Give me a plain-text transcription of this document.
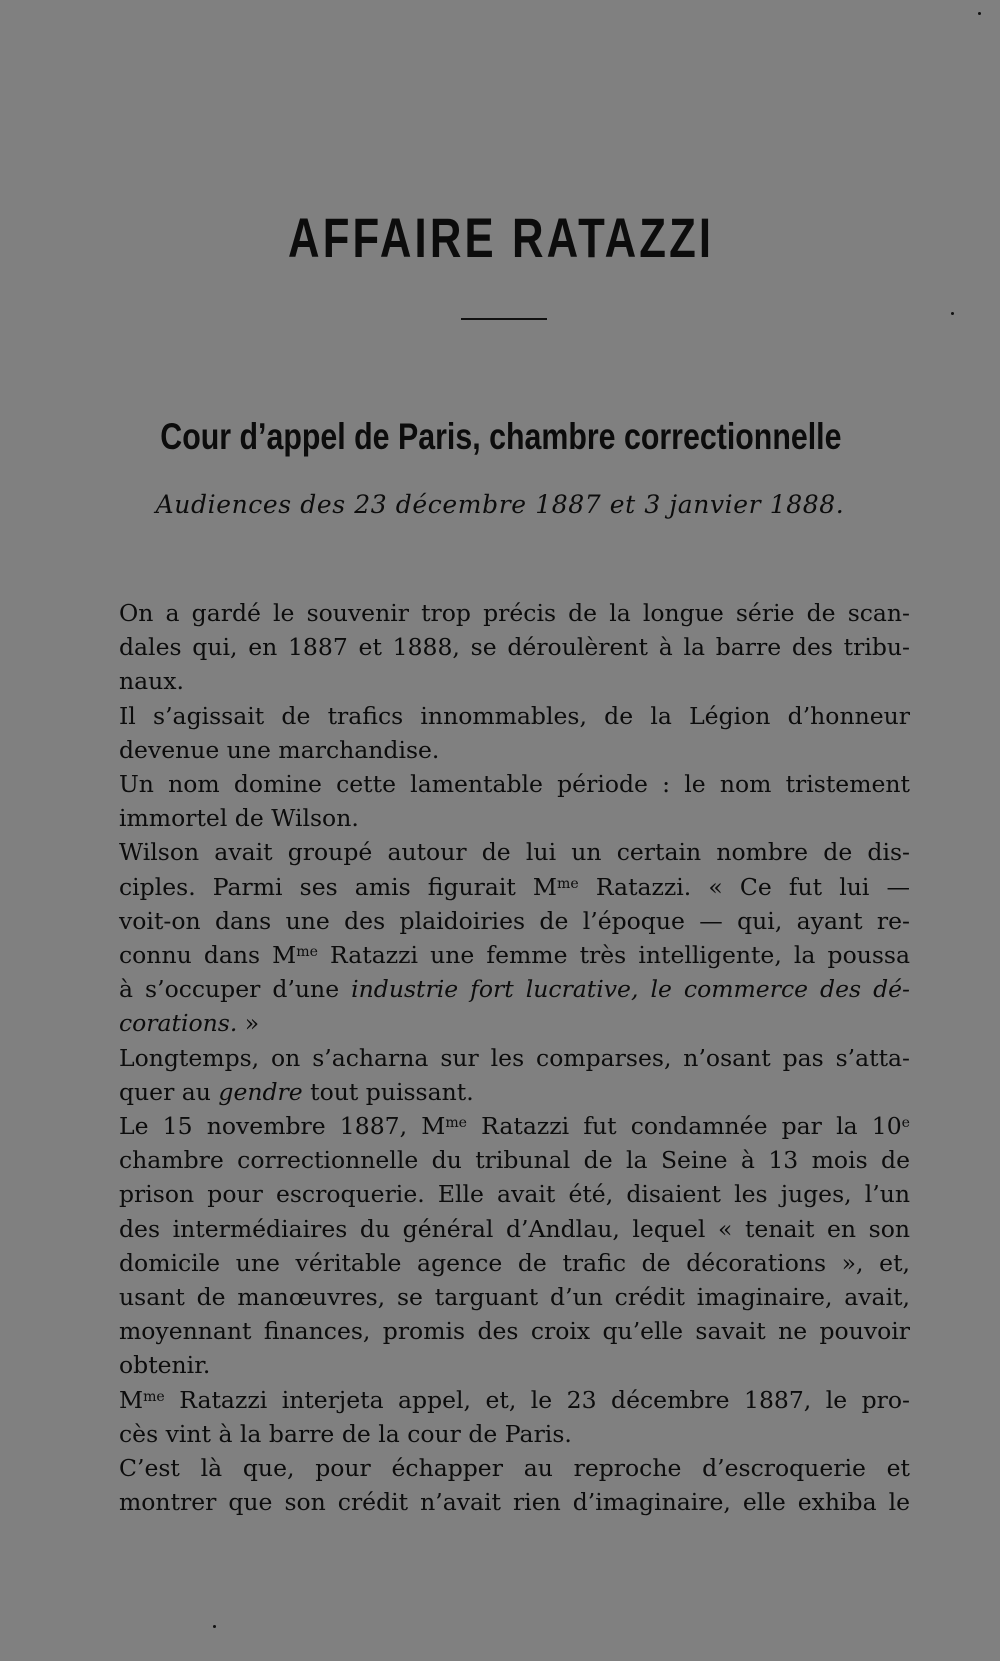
AFFAIRE RATAZZI
Cour d’appel de Paris, chambre correctionnelle
Audiences des 23 décembre 1887 et 3 janvier 1888.

On a gardé le souvenir trop précis de la longue série de scan-
dales qui, en 1887 et 1888, se déroulèrent à la barre des tribu-
naux.

Il s’agissait de trafics innommables, de la Légion d’honneur
devenue une marchandise.

Un nom domine cette lamentable période : le nom tristement
immortel de Wilson.

Wilson avait groupé autour de lui un certain nombre de dis-
ciples. Parmi ses amis figurait $M^{me}$ Ratazzi. « Ce fut lui —
voit-on dans une des plaidoiries de l’époque — qui, ayant re-
connu dans $M^{me}$ Ratazzi une femme très intelligente, la poussa
à s’occuper d’une industrie fort lucrative, le commerce des dé-
corations. »

Longtemps, on s’acharna sur les comparses, n’osant pas s’atta-
quer au gendre tout puissant.

Le 15 novembre 1887, $M^{me}$ Ratazzi fut condamnée par la 10e
chambre correctionnelle du tribunal de la Seine à 13 mois de
prison pour escroquerie. Elle avait été, disaient les juges, l’un
des intermédiaires du général d’Andlau, lequel « tenait en son
domicile une véritable agence de trafic de décorations », et,
usant de manœuvres, se targuant d’un crédit imaginaire, avait,
moyennant finances, promis des croix qu’elle savait ne pouvoir
obtenir.

$M^{me}$ Ratazzi interjeta appel, et, le 23 décembre 1887, le pro-
cès vint à la barre de la cour de Paris.

C’est là que, pour échapper au reproche d’escroquerie et
montrer que son crédit n’avait rien d’imaginaire, elle exhiba le
